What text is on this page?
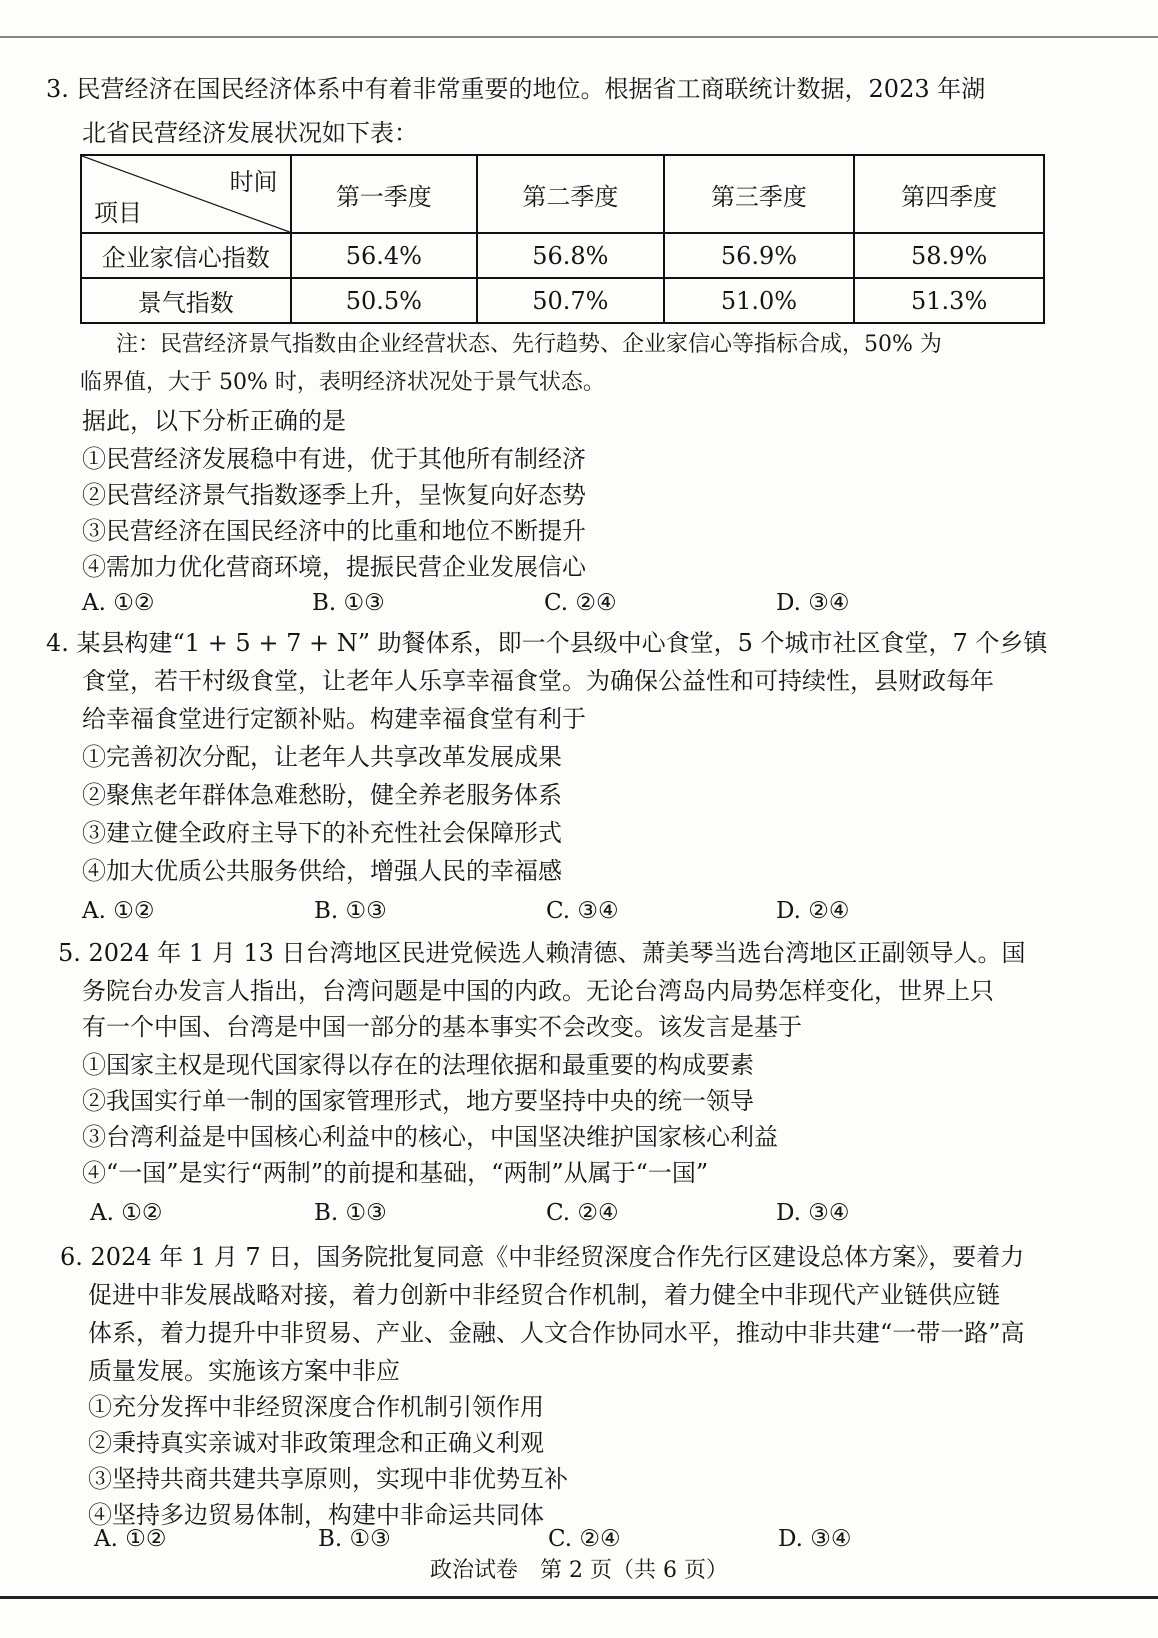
3. 民营经济在国民经济体系中有着非常重要的地位。根据省工商联统计数据，2023 年湖
北省民营经济发展状况如下表：
时间
项目	第一季度	第二季度	第三季度	第四季度
企业家信心指数	56.4%	56.8%	56.9%	58.9%
景气指数	50.5%	50.7%	51.0%	51.3%
注：民营经济景气指数由企业经营状态、先行趋势、企业家信心等指标合成，50% 为
临界值，大于 50% 时，表明经济状况处于景气状态。
据此，以下分析正确的是
①民营经济发展稳中有进，优于其他所有制经济
②民营经济景气指数逐季上升，呈恢复向好态势
③民营经济在国民经济中的比重和地位不断提升
④需加力优化营商环境，提振民营企业发展信心
A. ①②	B. ①③	C. ②④	D. ③④
4. 某县构建“1 + 5 + 7 + N” 助餐体系，即一个县级中心食堂，5 个城市社区食堂，7 个乡镇
食堂，若干村级食堂，让老年人乐享幸福食堂。为确保公益性和可持续性，县财政每年
给幸福食堂进行定额补贴。构建幸福食堂有利于
①完善初次分配，让老年人共享改革发展成果
②聚焦老年群体急难愁盼，健全养老服务体系
③建立健全政府主导下的补充性社会保障形式
④加大优质公共服务供给，增强人民的幸福感
A. ①②	B. ①③	C. ③④	D. ②④
5. 2024 年 1 月 13 日台湾地区民进党候选人赖清德、萧美琴当选台湾地区正副领导人。国
务院台办发言人指出，台湾问题是中国的内政。无论台湾岛内局势怎样变化，世界上只
有一个中国、台湾是中国一部分的基本事实不会改变。该发言是基于
①国家主权是现代国家得以存在的法理依据和最重要的构成要素
②我国实行单一制的国家管理形式，地方要坚持中央的统一领导
③台湾利益是中国核心利益中的核心，中国坚决维护国家核心利益
④“一国”是实行“两制”的前提和基础，“两制”从属于“一国”
A. ①②	B. ①③	C. ②④	D. ③④
6. 2024 年 1 月 7 日，国务院批复同意《中非经贸深度合作先行区建设总体方案》，要着力
促进中非发展战略对接，着力创新中非经贸合作机制，着力健全中非现代产业链供应链
体系，着力提升中非贸易、产业、金融、人文合作协同水平，推动中非共建“一带一路”高
质量发展。实施该方案中非应
①充分发挥中非经贸深度合作机制引领作用
②秉持真实亲诚对非政策理念和正确义利观
③坚持共商共建共享原则，实现中非优势互补
④坚持多边贸易体制，构建中非命运共同体
A. ①②	B. ①③	C. ②④	D. ③④
政治试卷　第 2 页（共 6 页）
